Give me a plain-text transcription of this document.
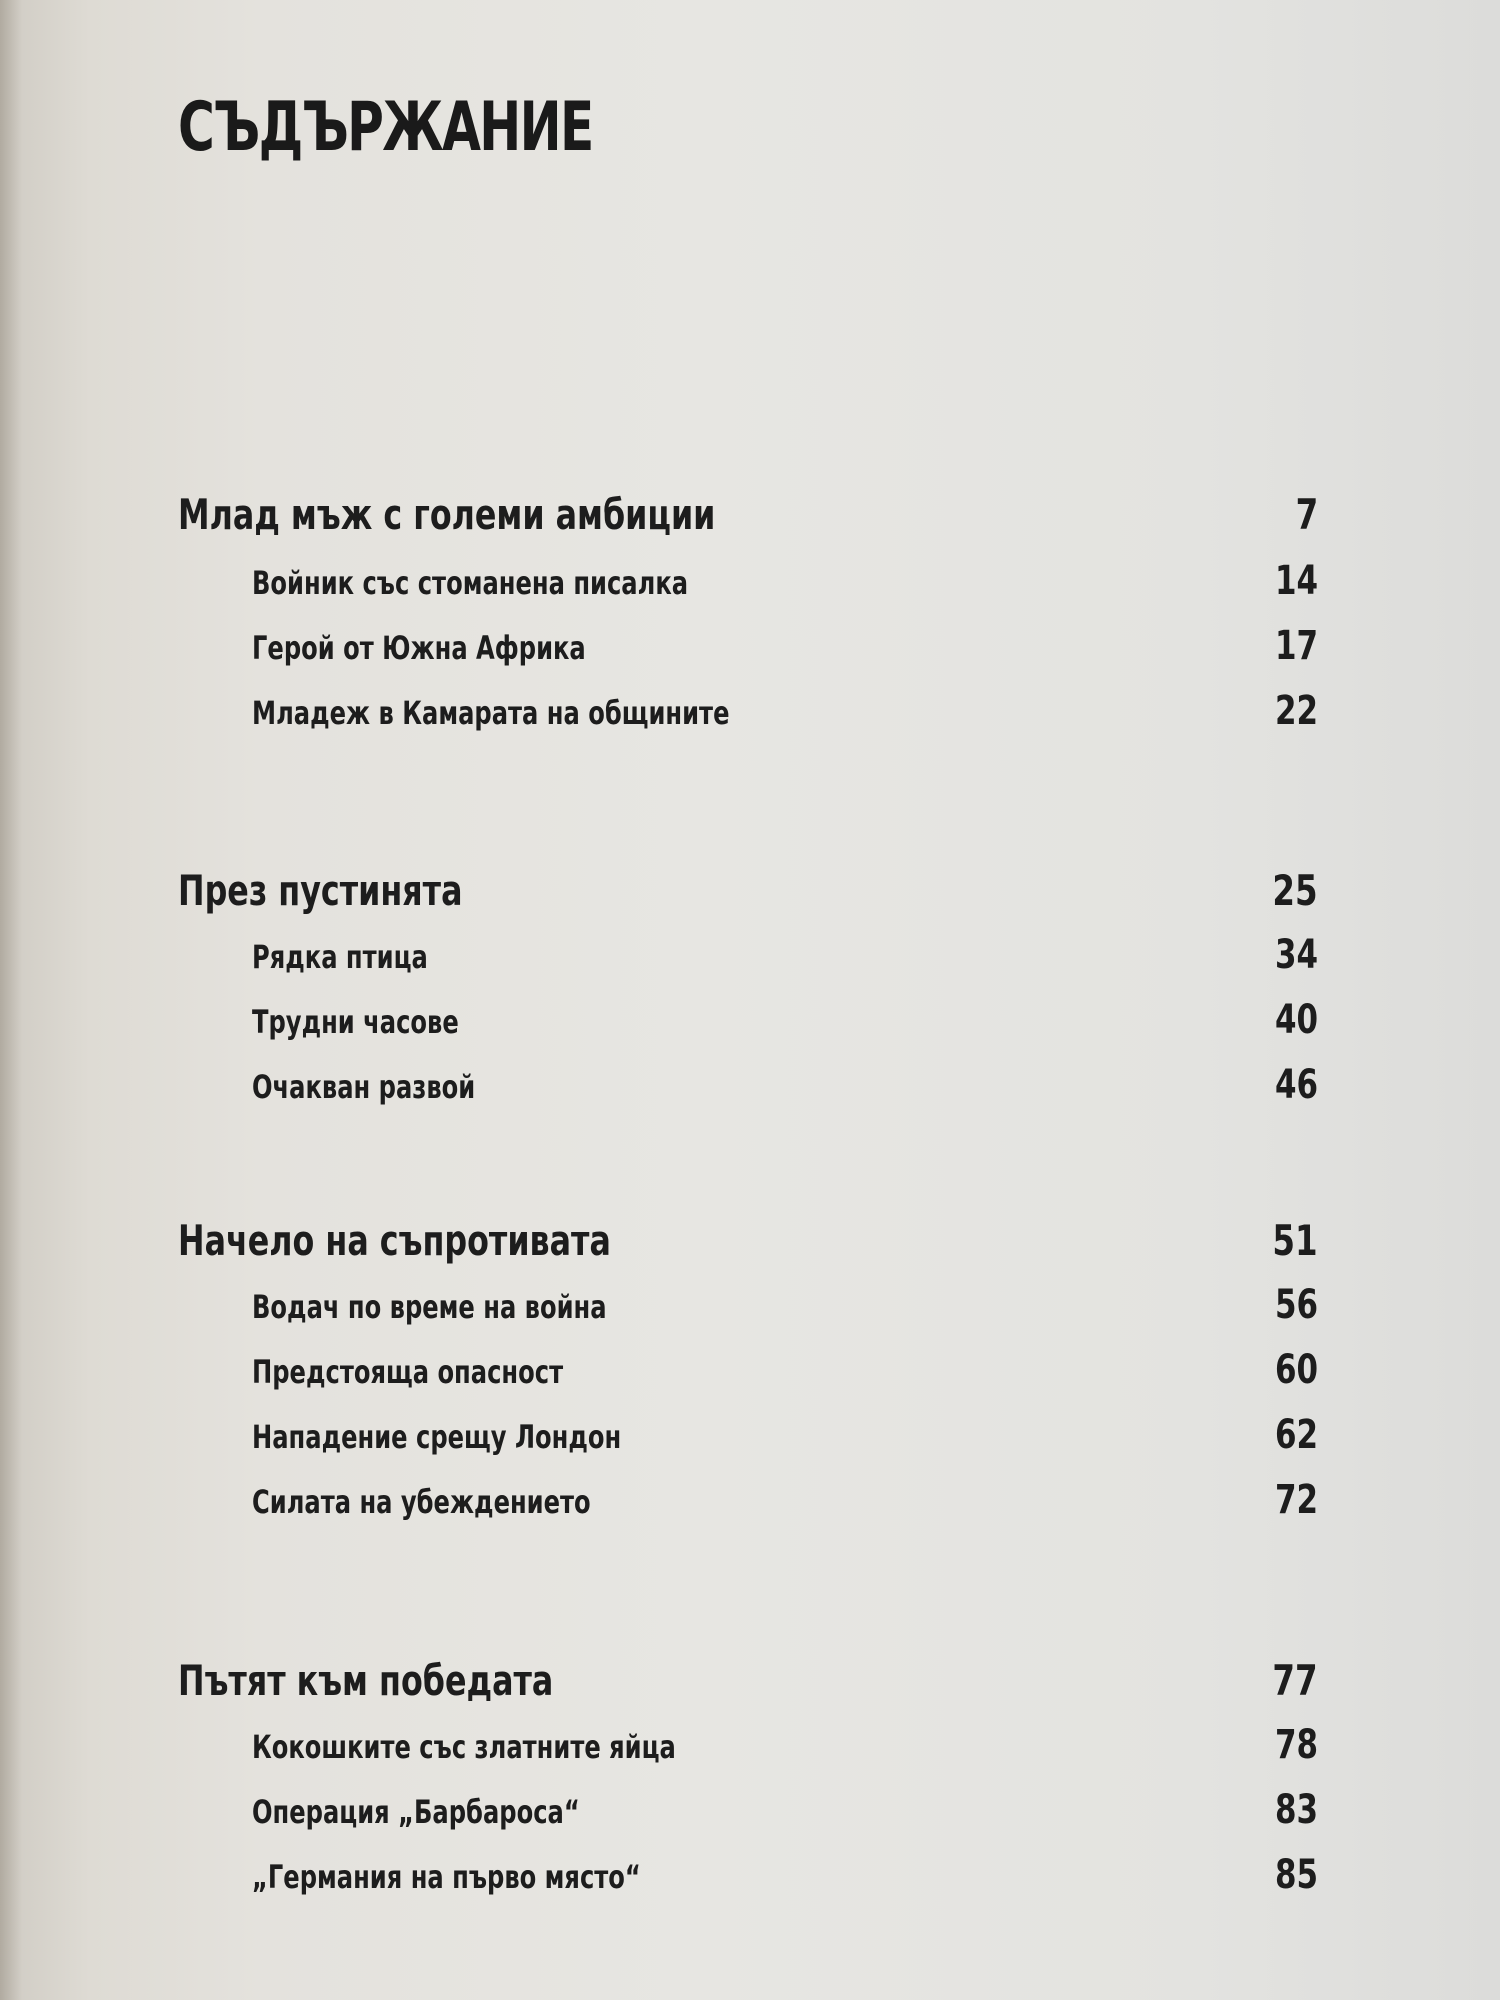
СЪДЪРЖАНИЕ
Млад мъж с големи амбиции	7
Войник със стоманена писалка	14
Герой от Южна Африка	17
Младеж в Камарата на общините	22
През пустинята	25
Рядка птица	34
Трудни часове	40
Очакван развой	46
Начело на съпротивата	51
Водач по време на война	56
Предстояща опасност	60
Нападение срещу Лондон	62
Силата на убеждението	72
Пътят към победата	77
Кокошките със златните яйца	78
Операция „Барбароса“	83
„Германия на първо място“	85
